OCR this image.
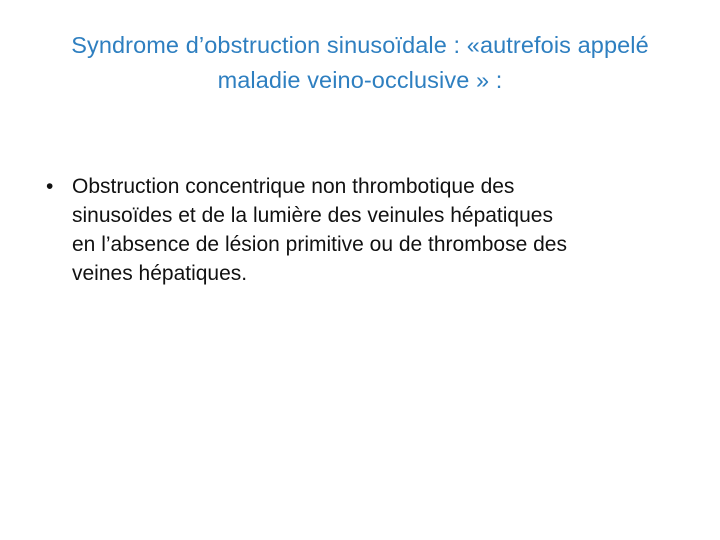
Syndrome d’obstruction sinusoïdale : «autrefois appelé
maladie veino-occlusive » :
• Obstruction concentrique non thrombotique des
sinusoïdes et de la lumière des veinules hépatiques
en l’absence de lésion primitive ou de thrombose des
veines hépatiques.
